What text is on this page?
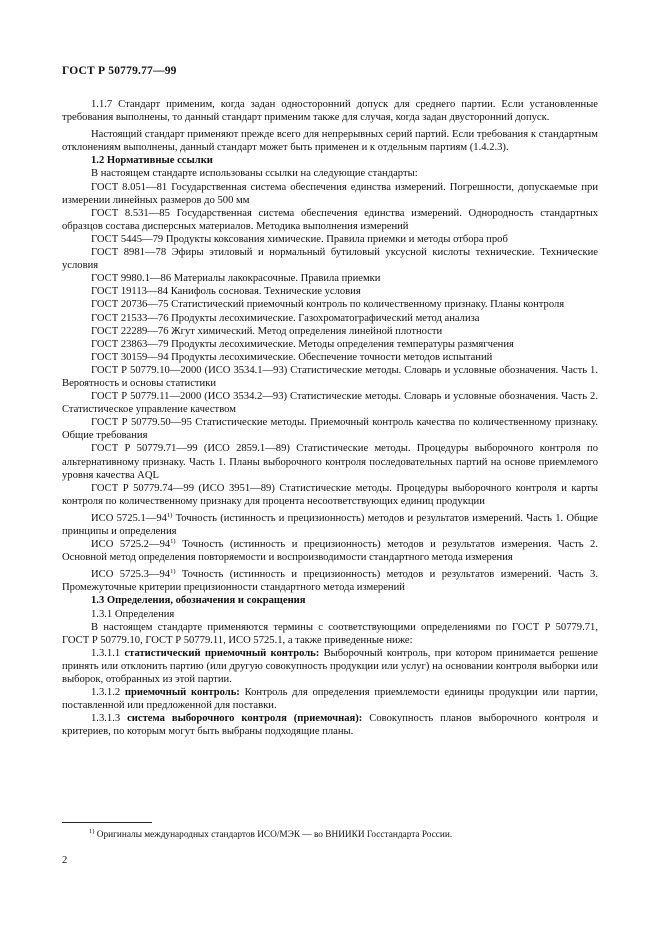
ГОСТ Р 50779.77—99

1.1.7 Стандарт применим, когда задан односторонний допуск для среднего партии. Если установленные требования выполнены, то данный стандарт применим также для случая, когда задан двусторонний допуск.

Настоящий стандарт применяют прежде всего для непрерывных серий партий. Если требования к стандартным отклонениям выполнены, данный стандарт может быть применен и к отдельным партиям (1.4.2.3).

1.2 Нормативные ссылки

В настоящем стандарте использованы ссылки на следующие стандарты:

ГОСТ 8.051—81 Государственная система обеспечения единства измерений. Погрешности, допускаемые при измерении линейных размеров до 500 мм

ГОСТ 8.531—85 Государственная система обеспечения единства измерений. Однородность стандартных образцов состава дисперсных материалов. Методика выполнения измерений

ГОСТ 5445—79 Продукты коксования химические. Правила приемки и методы отбора проб

ГОСТ 8981—78 Эфиры этиловый и нормальный бутиловый уксусной кислоты технические. Технические условия

ГОСТ 9980.1—86 Материалы лакокрасочные. Правила приемки

ГОСТ 19113—84 Канифоль сосновая. Технические условия

ГОСТ 20736—75 Статистический приемочный контроль по количественному признаку. Планы контроля

ГОСТ 21533—76 Продукты лесохимические. Газохроматографический метод анализа

ГОСТ 22289—76 Жгут химический. Метод определения линейной плотности

ГОСТ 23863—79 Продукты лесохимические. Методы определения температуры размягчения

ГОСТ 30159—94 Продукты лесохимические. Обеспечение точности методов испытаний

ГОСТ Р 50779.10—2000 (ИСО 3534.1—93) Статистические методы. Словарь и условные обозначения. Часть 1. Вероятность и основы статистики

ГОСТ Р 50779.11—2000 (ИСО 3534.2—93) Статистические методы. Словарь и условные обозначения. Часть 2. Статистическое управление качеством

ГОСТ Р 50779.50—95 Статистические методы. Приемочный контроль качества по количественному признаку. Общие требования

ГОСТ Р 50779.71—99 (ИСО 2859.1—89) Статистические методы. Процедуры выборочного контроля по альтернативному признаку. Часть 1. Планы выборочного контроля последовательных партий на основе приемлемого уровня качества AQL

ГОСТ Р 50779.74—99 (ИСО 3951—89) Статистические методы. Процедуры выборочного контроля и карты контроля по количественному признаку для процента несоответствующих единиц продукции

ИСО 5725.1—94$^{1)}$ Точность (истинность и прецизионность) методов и результатов измерений. Часть 1. Общие принципы и определения

ИСО 5725.2—94$^{1)}$ Точность (истинность и прецизионность) методов и результатов измерения. Часть 2. Основной метод определения повторяемости и воспроизводимости стандартного метода измерения

ИСО 5725.3—94$^{1)}$ Точность (истинность и прецизионность) методов и результатов измерений. Часть 3. Промежуточные критерии прецизионности стандартного метода измерений

1.3 Определения, обозначения и сокращения

1.3.1 Определения

В настоящем стандарте применяются термины с соответствующими определениями по ГОСТ Р 50779.71, ГОСТ Р 50779.10, ГОСТ Р 50779.11, ИСО 5725.1, а также приведенные ниже:

1.3.1.1 статистический приемочный контроль: Выборочный контроль, при котором принимается решение принять или отклонить партию (или другую совокупность продукции или услуг) на основании контроля выборки или выборок, отобранных из этой партии.

1.3.1.2 приемочный контроль: Контроль для определения приемлемости единицы продукции или партии, поставленной или предложенной для поставки.

1.3.1.3 система выборочного контроля (приемочная): Совокупность планов выборочного контроля и критериев, по которым могут быть выбраны подходящие планы.

$^{1)}$ Оригиналы международных стандартов ИСО/МЭК — во ВНИИКИ Госстандарта России.
2
